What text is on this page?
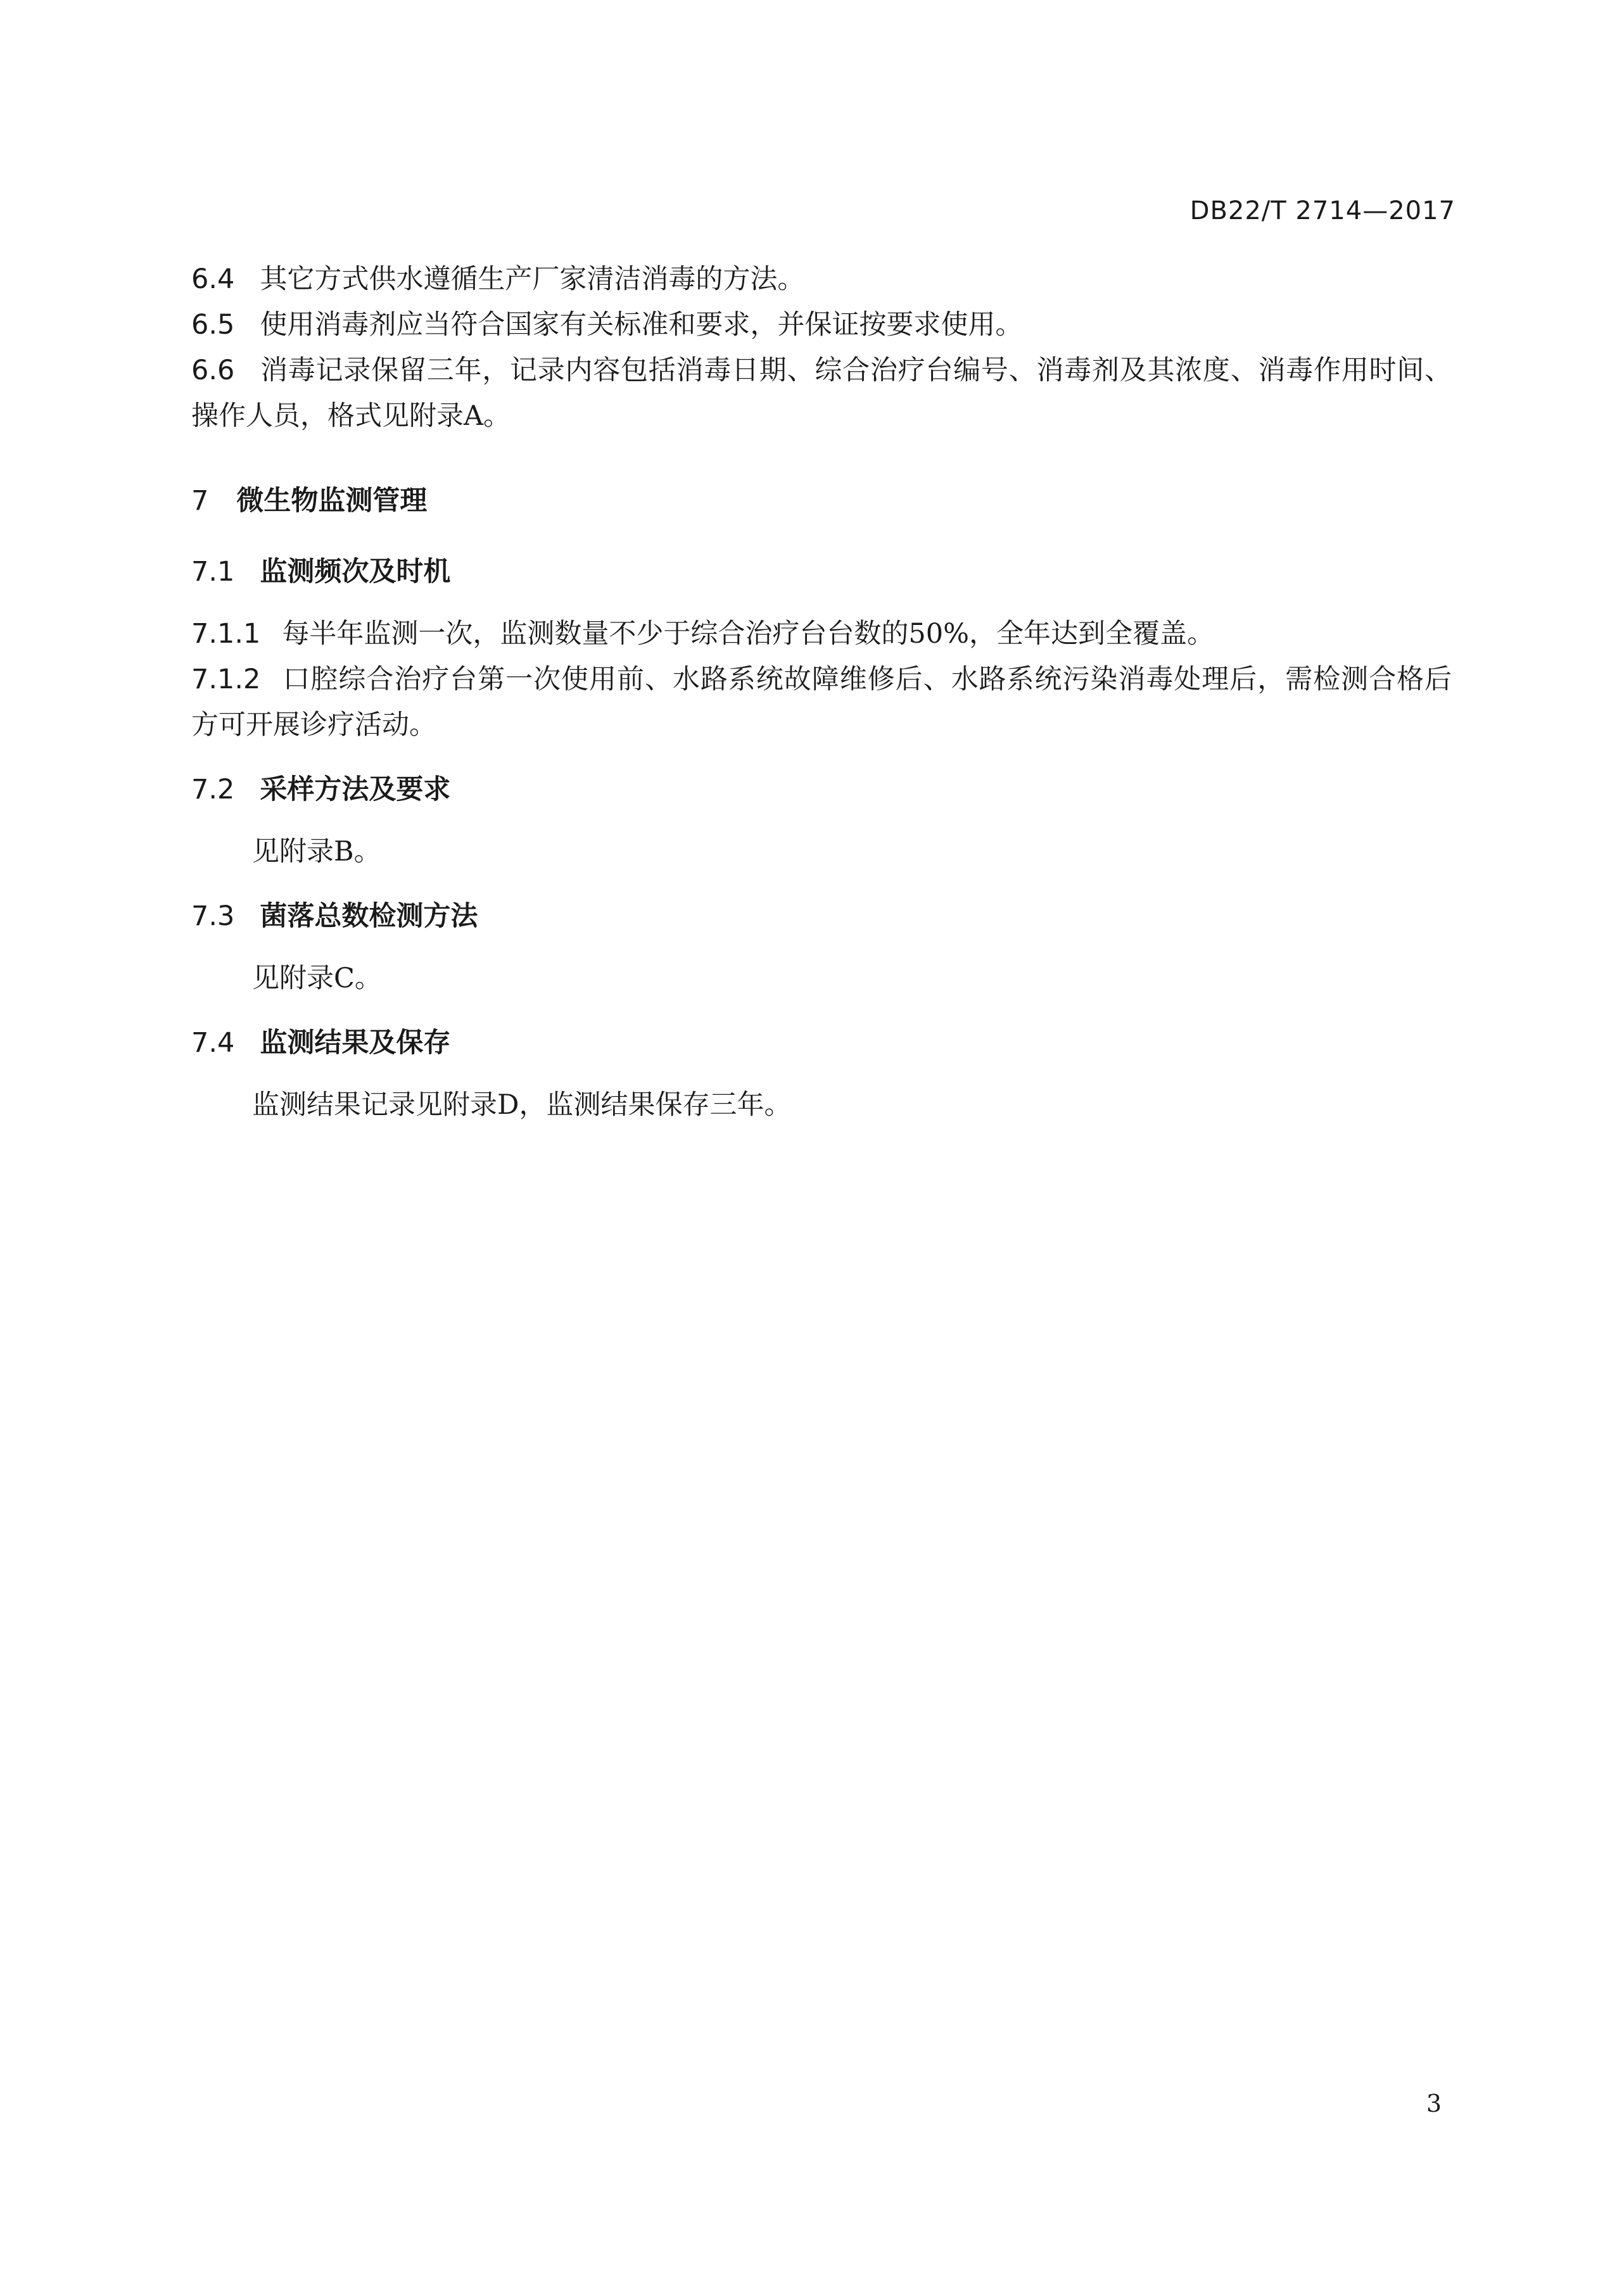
DB22/T 2714—2017

6.4 其它方式供水遵循生产厂家清洁消毒的方法。

6.5 使用消毒剂应当符合国家有关标准和要求，并保证按要求使用。

6.6 消毒记录保留三年，记录内容包括消毒日期、综合治疗台编号、消毒剂及其浓度、消毒作用时间、操作人员，格式见附录A。

7 微生物监测管理
7.1 监测频次及时机

7.1.1 每半年监测一次，监测数量不少于综合治疗台台数的50%，全年达到全覆盖。

7.1.2 口腔综合治疗台第一次使用前、水路系统故障维修后、水路系统污染消毒处理后，需检测合格后方可开展诊疗活动。

7.2 采样方法及要求

见附录B。

7.3 菌落总数检测方法

见附录C。

7.4 监测结果及保存

监测结果记录见附录D，监测结果保存三年。

3
